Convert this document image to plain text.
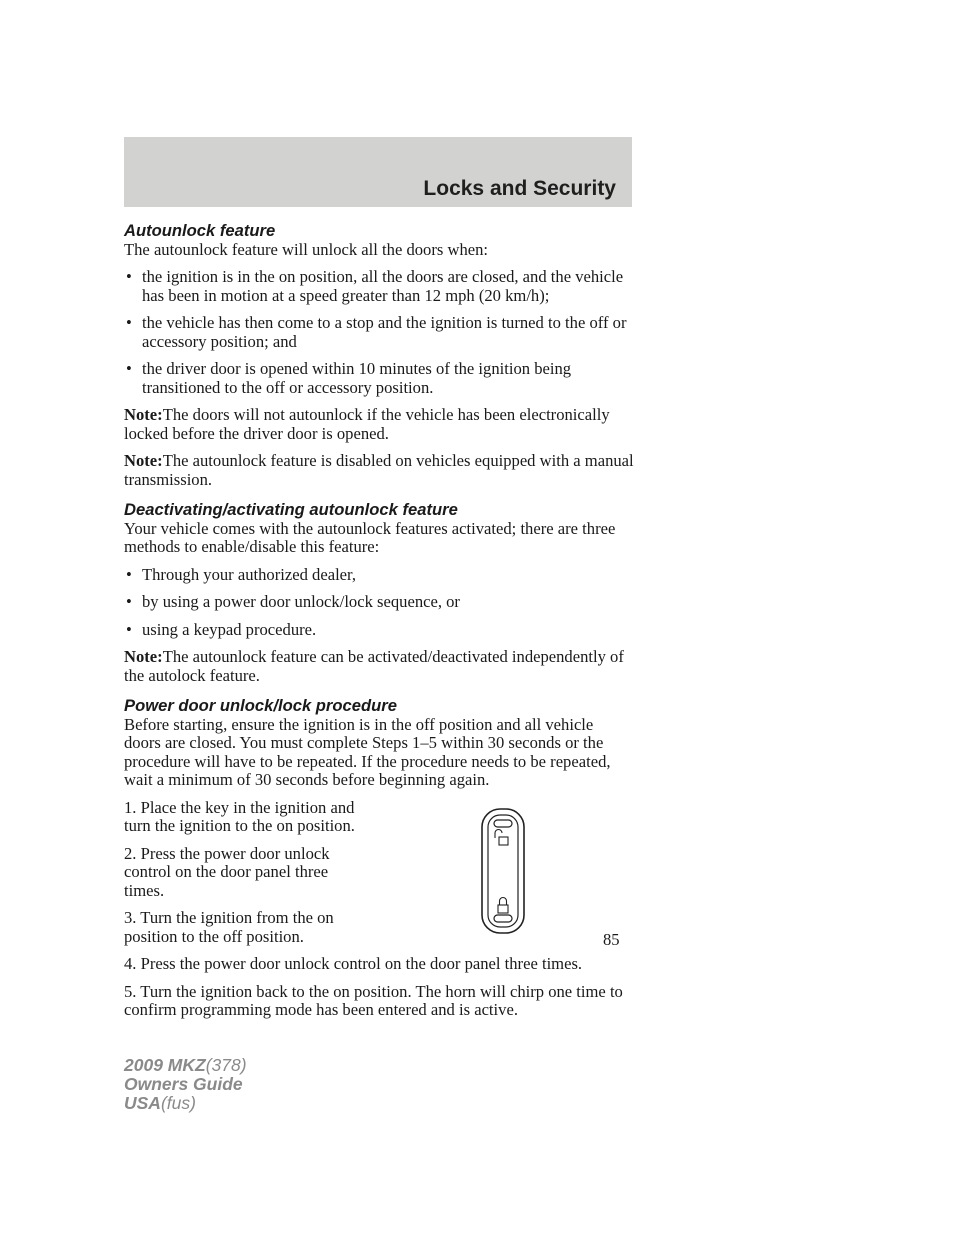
Locks and Security

Autounlock feature

The autounlock feature will unlock all the doors when:

• the ignition is in the on position, all the doors are closed, and the vehicle has been in motion at a speed greater than 12 mph (20 km/h);
• the vehicle has then come to a stop and the ignition is turned to the off or accessory position; and
• the driver door is opened within 10 minutes of the ignition being transitioned to the off or accessory position.

Note:The doors will not autounlock if the vehicle has been electronically locked before the driver door is opened.

Note:The autounlock feature is disabled on vehicles equipped with a manual transmission.

Deactivating/activating autounlock feature

Your vehicle comes with the autounlock features activated; there are three methods to enable/disable this feature:

• Through your authorized dealer,
• by using a power door unlock/lock sequence, or
• using a keypad procedure.

Note:The autounlock feature can be activated/deactivated independently of the autolock feature.

Power door unlock/lock procedure

Before starting, ensure the ignition is in the off position and all vehicle doors are closed. You must complete Steps 1–5 within 30 seconds or the procedure will have to be repeated. If the procedure needs to be repeated, wait a minimum of 30 seconds before beginning again.

1. Place the key in the ignition and turn the ignition to the on position.

2. Press the power door unlock control on the door panel three times.

3. Turn the ignition from the on position to the off position.

4. Press the power door unlock control on the door panel three times.

5. Turn the ignition back to the on position. The horn will chirp one time to confirm programming mode has been entered and is active.

85
2009 MKZ(378)
Owners Guide
USA(fus)
